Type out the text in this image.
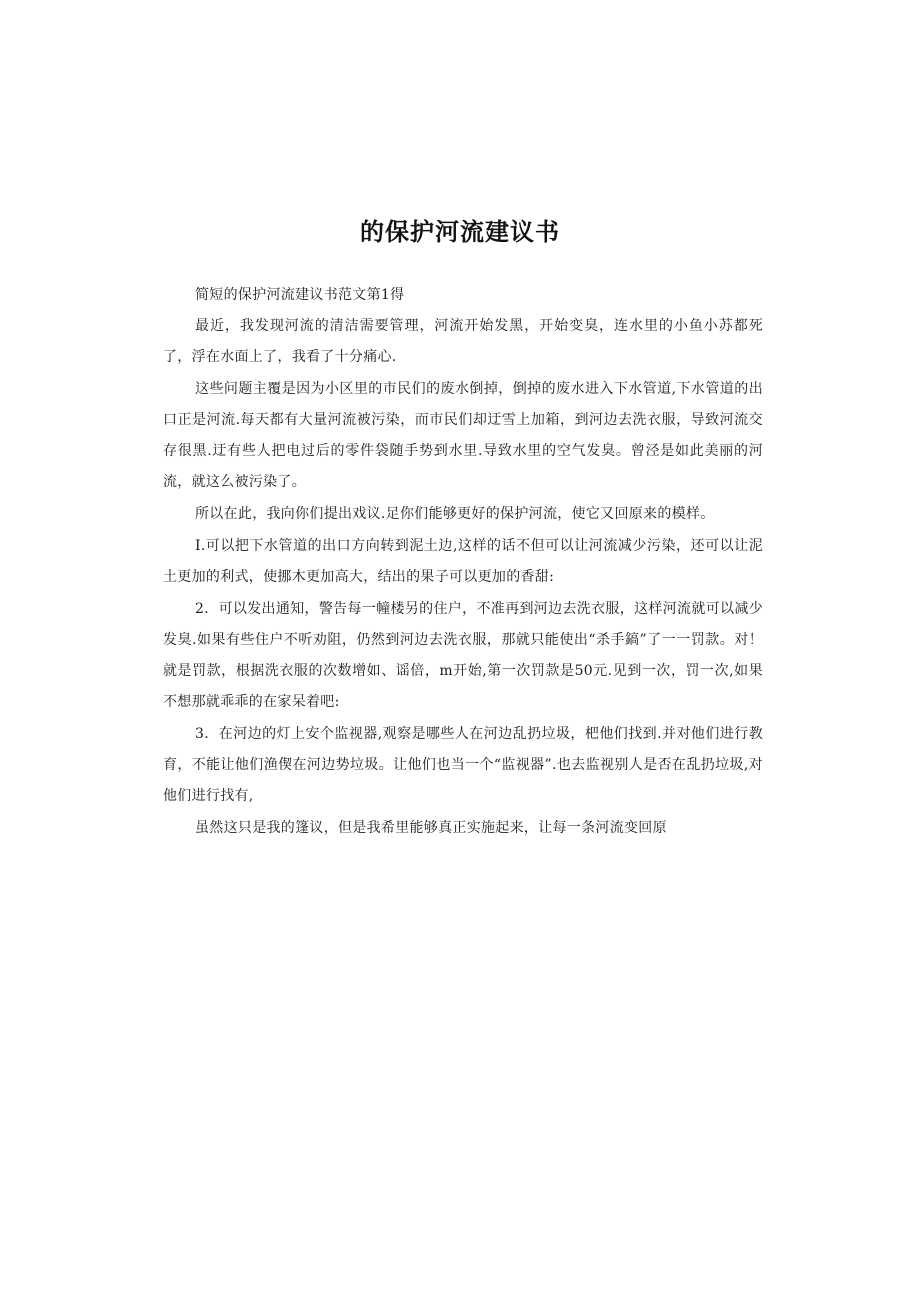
的保护河流建议书

简短的保护河流建议书范文第1得

最近，我发现河流的清洁需要管理，河流开始发黑，开始变臭，连水里的小鱼小苏都死了，浮在水面上了，我看了十分痛心.

这些问题主覆是因为小区里的市民们的废水倒掉，倒掉的废水进入下水管道,下水管道的出口正是河流.每天都有大量河流被污染，而市民们却迂雪上加箱，到河边去洗衣服，导致河流交存很黑.迂有些人把电过后的零件袋随手势到水里.导致水里的空气发臭。曾泾是如此美丽的河流，就这么被污染了。

所以在此，我向你们提出戏议.足你们能够更好的保护河流，使它又回原来的模样。

I.可以把下水管道的出口方向转到泥土边,这样的话不但可以让河流减少污染，还可以让泥土更加的利式，使挪木更加高大，结出的果子可以更加的香甜:

2．可以发出通知，警告每一幢楼另的住户，不准再到河边去洗衣服，这样河流就可以减少发臭.如果有些住户不听劝阻，仍然到河边去洗衣服，那就只能使出“杀手鎬”了一一罚款。对！就是罚款，根据洗衣服的次数增如、谣倍，m开始,第一次罚款是50元.见到一次，罚一次,如果不想那就乖乖的在家呆着吧:

3．在河边的灯上安个监视器,观察是哪些人在河边乱扔垃圾，杷他们找到.并对他们进行教育，不能让他们渔偰在河边势垃圾。让他们也当一个“监视器”.也去监视别人是否在乱扔垃圾,对他们进行找有,

虽然这只是我的篷议，但是我希里能够真正实施起来，让每一条河流变回原
